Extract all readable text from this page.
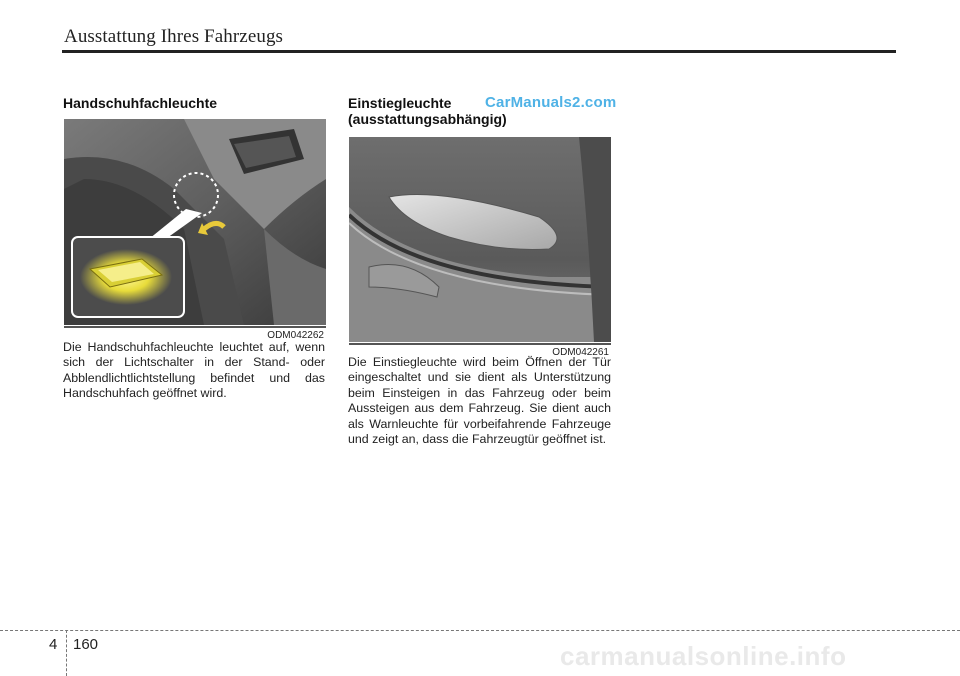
Ausstattung Ihres Fahrzeugs
Handschuhfachleuchte
ODM042262
Die Handschuhfachleuchte leuchtet auf, wenn sich der Lichtschalter in der Stand- oder Abblendlichtlichtstellung befindet und das Handschuhfach geöffnet wird.
Einstiegleuchte
(ausstattungsabhängig)
CarManuals2.com
ODM042261
Die Einstiegleuchte wird beim Öffnen der Tür eingeschaltet und sie dient als Unterstützung beim Einsteigen in das Fahrzeug oder beim Aussteigen aus dem Fahrzeug. Sie dient auch als Warnleuchte für vorbeifahrende Fahrzeuge und zeigt an, dass die Fahrzeugtür geöffnet ist.
4 160	carmanualsonline.info
